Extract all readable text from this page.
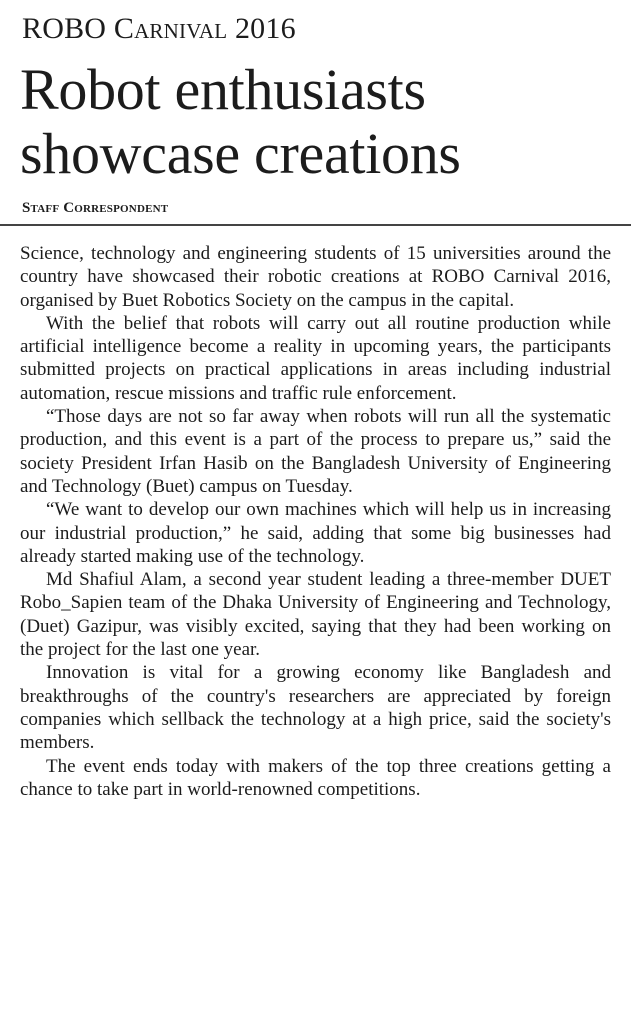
ROBO Carnival 2016
Robot enthusiasts showcase creations
Staff Correspondent

Science, technology and engineering students of 15 universities around the country have showcased their robotic creations at ROBO Carnival 2016, organised by Buet Robotics Society on the campus in the capital.

With the belief that robots will carry out all routine production while artificial intelligence become a reality in upcoming years, the participants submitted projects on practical applications in areas including industrial automation, rescue missions and traffic rule enforcement.

“Those days are not so far away when robots will run all the systematic production, and this event is a part of the process to prepare us,” said the society President Irfan Hasib on the Bangladesh University of Engineering and Technology (Buet) campus on Tuesday.

“We want to develop our own machines which will help us in increasing our industrial production,” he said, adding that some big businesses had already started making use of the technology.

Md Shafiul Alam, a second year student leading a three-member DUET Robo_Sapien team of the Dhaka University of Engineering and Technology, (Duet) Gazipur, was visibly excited, saying that they had been working on the project for the last one year.

Innovation is vital for a growing economy like Bangladesh and breakthroughs of the country's researchers are appreciated by foreign companies which sellback the technology at a high price, said the society's members.

The event ends today with makers of the top three creations getting a chance to take part in world-renowned competitions.
